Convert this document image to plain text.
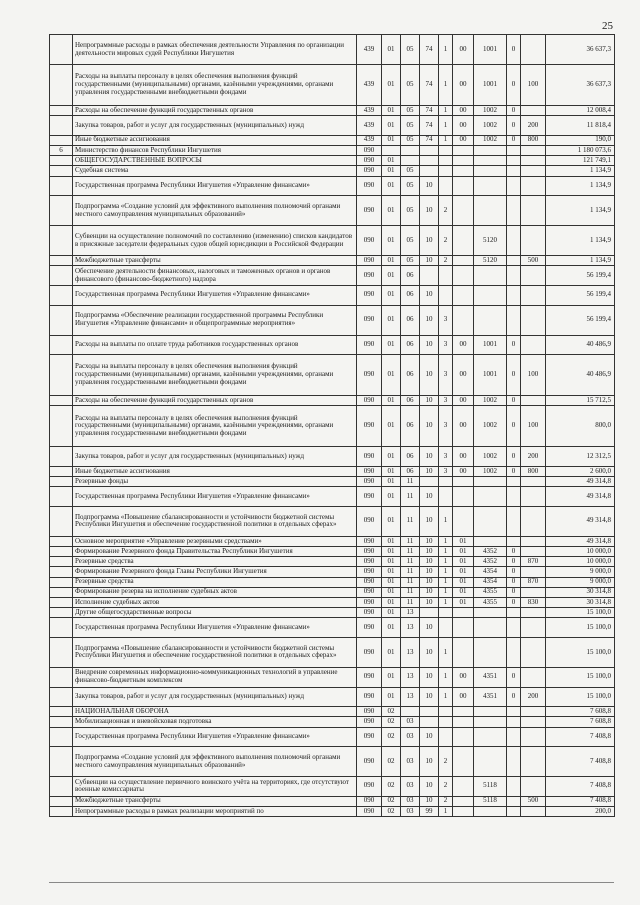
25
	Непрограммные расходы в рамках обеспечения деятельности Управления по организации деятельности мировых судей Республики Ингушетия	439	01	05	74	1	00	1001	0		36 637,3
	Расходы на выплаты персоналу в целях обеспечения выполнения функций государственными (муниципальными) органами, казёнными учреждениями, органами управления государственными внебюджетными фондами	439	01	05	74	1	00	1001	0	100	36 637,3
	Расходы на обеспечение функций государственных органов	439	01	05	74	1	00	1002	0		12 008,4
	Закупка товаров, работ и услуг для государственных (муниципальных) нужд	439	01	05	74	1	00	1002	0	200	11 818,4
	Иные бюджетные ассигнования	439	01	05	74	1	00	1002	0	800	190,0
6	Министерство финансов Республики Ингушетия	090									1 180 073,6
	ОБЩЕГОСУДАРСТВЕННЫЕ ВОПРОСЫ	090	01								121 749,1
	Судебная система	090	01	05							1 134,9
	Государственная программа Республики Ингушетия «Управление финансами»	090	01	05	10						1 134,9
	Подпрограмма «Создание условий для эффективного выполнения полномочий органами местного самоуправления муниципальных образований»	090	01	05	10	2					1 134,9
	Субвенции на осуществление полномочий по составлению (изменению) списков кандидатов в присяжные заседатели федеральных судов общей юрисдикции в Российской Федерации	090	01	05	10	2		5120			1 134,9
	Межбюджетные трансферты	090	01	05	10	2		5120		500	1 134,9
	Обеспечение деятельности финансовых, налоговых и таможенных органов и органов финансового (финансово-бюджетного) надзора	090	01	06							56 199,4
	Государственная программа Республики Ингушетия «Управление финансами»	090	01	06	10						56 199,4
	Подпрограмма «Обеспечение реализации государственной программы Республики Ингушетия «Управление финансами» и общепрограммные мероприятия»	090	01	06	10	3					56 199,4
	Расходы на выплаты по оплате труда работников государственных органов	090	01	06	10	3	00	1001	0		40 486,9
	Расходы на выплаты персоналу в целях обеспечения выполнения функций государственными (муниципальными) органами, казёнными учреждениями, органами управления государственными внебюджетными фондами	090	01	06	10	3	00	1001	0	100	40 486,9
	Расходы на обеспечение функций государственных органов	090	01	06	10	3	00	1002	0		15 712,5
	Расходы на выплаты персоналу в целях обеспечения выполнения функций государственными (муниципальными) органами, казёнными учреждениями, органами управления государственными внебюджетными фондами	090	01	06	10	3	00	1002	0	100	800,0
	Закупка товаров, работ и услуг для государственных (муниципальных) нужд	090	01	06	10	3	00	1002	0	200	12 312,5
	Иные бюджетные ассигнования	090	01	06	10	3	00	1002	0	800	2 600,0
	Резервные фонды	090	01	11							49 314,8
	Государственная программа Республики Ингушетия «Управление финансами»	090	01	11	10						49 314,8
	Подпрограмма «Повышение сбалансированности и устойчивости бюджетной системы Республики Ингушетия и обеспечение государственной политики в отдельных сферах»	090	01	11	10	1					49 314,8
	Основное мероприятие «Управление резервными средствами»	090	01	11	10	1	01				49 314,8
	Формирование Резервного фонда Правительства Республики Ингушетия	090	01	11	10	1	01	4352	0		10 000,0
	Резервные средства	090	01	11	10	1	01	4352	0	870	10 000,0
	Формирование Резервного фонда Главы Республики Ингушетия	090	01	11	10	1	01	4354	0		9 000,0
	Резервные средства	090	01	11	10	1	01	4354	0	870	9 000,0
	Формирование резерва на исполнение судебных актов	090	01	11	10	1	01	4355	0		30 314,8
	Исполнение судебных актов	090	01	11	10	1	01	4355	0	830	30 314,8
	Другие общегосударственные вопросы	090	01	13							15 100,0
	Государственная программа Республики Ингушетия «Управление финансами»	090	01	13	10						15 100,0
	Подпрограмма «Повышение сбалансированности и устойчивости бюджетной системы Республики Ингушетия и обеспечение государственной политики в отдельных сферах»	090	01	13	10	1					15 100,0
	Внедрение современных информационно-коммуникационных технологий в управление финансово-бюджетным комплексом	090	01	13	10	1	00	4351	0		15 100,0
	Закупка товаров, работ и услуг для государственных (муниципальных) нужд	090	01	13	10	1	00	4351	0	200	15 100,0
	НАЦИОНАЛЬНАЯ ОБОРОНА	090	02								7 608,8
	Мобилизационная и вневойсковая подготовка	090	02	03							7 608,8
	Государственная программа Республики Ингушетия «Управление финансами»	090	02	03	10						7 408,8
	Подпрограмма «Создание условий для эффективного выполнения полномочий органами местного самоуправления муниципальных образований»	090	02	03	10	2					7 408,8
	Субвенции на осуществление первичного воинского учёта на территориях, где отсутствуют военные комиссариаты	090	02	03	10	2		5118			7 408,8
	Межбюджетные трансферты	090	02	03	10	2		5118		500	7 408,8
	Непрограммные расходы в рамках реализации мероприятий по	090	02	03	99	1					200,0
